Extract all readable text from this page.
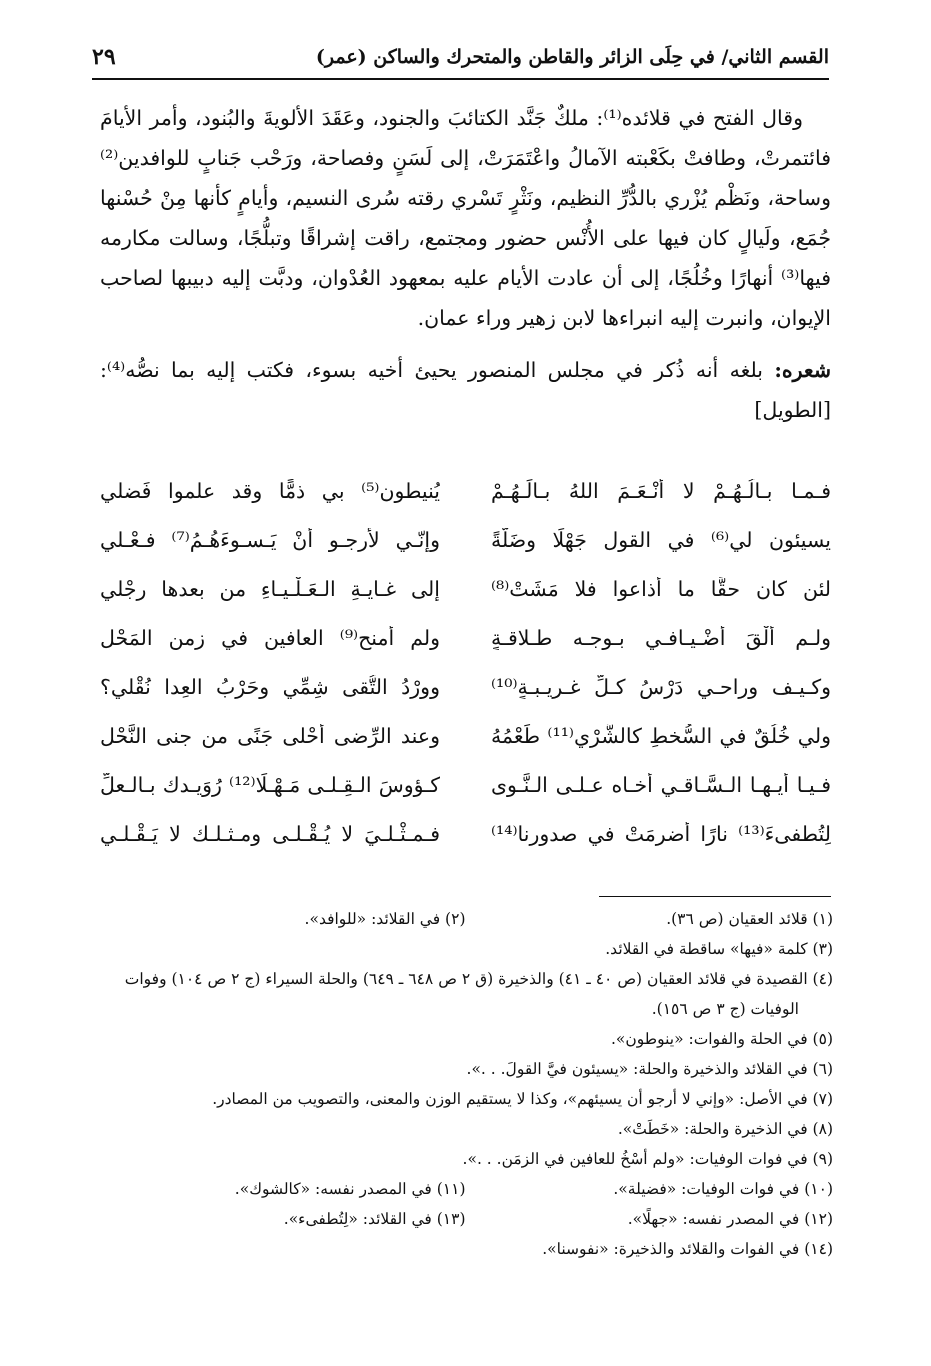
القسم الثاني/ في حِلَى الزائر والقاطن والمتحرك والساكن (عمر)
٢٩

وقال الفتح في قلائده⁽¹⁾: ملكٌ جَنَّد الكتائبَ والجنود، وعَقَدَ الألويةَ والبُنود، وأمر الأيامَ فائتمرتْ، وطافتْ بكَعْبته الآمالُ واعْتَمَرَتْ، إلى لَسَنٍ وفصاحة، ورَحْب جَنابٍ للوافدين⁽²⁾ وساحة، ونَظْم يُزْري بالدُّرِّ النظيم، ونَثْرٍ تَسْري رقته سُرى النسيم، وأيامٍ كأنها مِنْ حُسْنها جُمَع، ولَيالٍ كان فيها على الأُنْس حضور ومجتمع، راقت إشراقًا وتبلُّجًا، وسالت مكارمه فيها⁽³⁾ أنهارًا وخُلُجًا، إلى أن عادت الأيام عليه بمعهود العُدْوان، ودبَّت إليه دبيبها لصاحب الإيوان، وانبرت إليه انبراءها لابن زهير وراء عمان.

شعره: بلغه أنه ذُكر في مجلس المنصور يحيئ أخيه بسوء، فكتب إليه بما نصُّه⁽⁴⁾: [الطويل]

فـمـا بـالُـهُـمْ لا أنْـعَـمَ اللهُ بـالَـهُـمْ
يُنيطون⁽⁵⁾ بي ذمًّا وقد علموا فَضلي
يسيئون لي⁽⁶⁾ في القول جَهْلًا وضَلَّةً
وإنّـي لأرجـو أنْ يَـسـوءَهُـمُ⁽⁷⁾ فـعْـلي
لئن كان حقًّا ما أذاعوا فلا مَشَتْ⁽⁸⁾
إلى غـايـةِ الـعَـلْـيـاءِ من بعدها رِجْلي
ولـم ألْقَ أضْـيـافـي بـوجـه طـلاقـةٍ
ولم أمنح⁽⁹⁾ العافين في زمن المَحْلِ
وكـيـف وراحـي دَرْسُ كـلِّ غـريـبـةٍ⁽¹⁰⁾
ووِرْدُ التُّقى شِمِّي وحَرْبُ العِدا نُقْلي؟
ولي خُلُقٌ في السُّخطِ كالشَّرْي⁽¹¹⁾ طَعْمُهُ
وعند الرِّضى أحْلى جَنًى من جنى النَّحْل
فـيـا أيـهـا الـسَّـاقـي أخـاه عـلـى الـنَّـوى
كـؤوسَ الـقِـلـى مَـهْـلًا⁽¹²⁾ رُوَيـدك بـالـعلِّ
لِتُطفىءَ⁽¹³⁾ نارًا أُضرِمَتْ في صدورنا⁽¹⁴⁾
فـمـثْـلـيَ لا يُـقْـلـى ومـثـلـك لا يَـقْـلـي
(١) قلائد العقيان (ص ٣٦).
(٢) في القلائد: «للوافد».
(٣) كلمة «فيها» ساقطة في القلائد.
(٤) القصيدة في قلائد العقيان (ص ٤٠ ـ ٤١) والذخيرة (ق ٢ ص ٦٤٨ ـ ٦٤٩) والحلة السيراء (ج ٢ ص ١٠٤) وفوات الوفيات (ج ٣ ص ١٥٦).
(٥) في الحلة والفوات: «ينوطون».
(٦) في القلائد والذخيرة والحلة: «يسيئون فيَّ القولَ. . .».
(٧) في الأصل: «وإني لا أرجو أن يسيئهم»، وكذا لا يستقيم الوزن والمعنى، والتصويب من المصادر.
(٨) في الذخيرة والحلة: «خَطَتْ».
(٩) في فوات الوفيات: «ولم أسْخُ للعافين في الزمَن. . .».
(١٠) في فوات الوفيات: «فضيلة».
(١١) في المصدر نفسه: «كالشوك».
(١٢) في المصدر نفسه: «جهلًا».
(١٣) في القلائد: «لِتُطفىء».
(١٤) في الفوات والقلائد والذخيرة: «نفوسنا».
